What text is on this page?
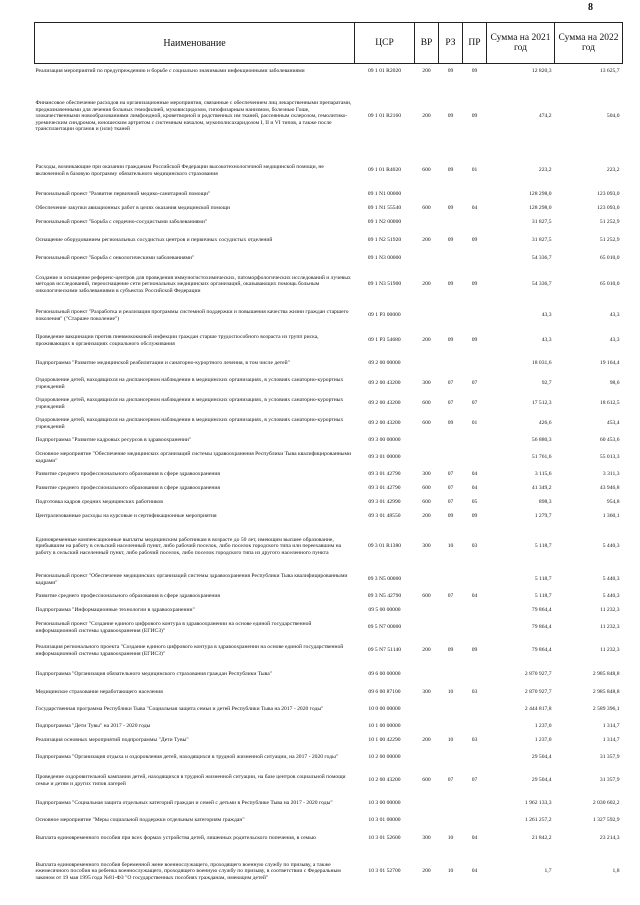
8
Наименование	ЦСР	ВР	РЗ	ПР	Сумма на 2021 год	Сумма на 2022 год
Реализация мероприятий по предупреждению и борьбе с социально значимыми инфекционными заболеваниями	09 1 01 R2020	200	09	09	12 820,3	13 625,7
Финансовое обеспечение расходов на организационные мероприятия, связанные с обеспечением лиц лекарственными препаратами, предназначенными для лечения больных гемофилией, муковисцидозом, гипофизарным нанизмом, болезнью Гоше, злокачественными новообразованиями лимфоидной, кроветворной и родственных им тканей, рассеянным склерозом, гемолитико-уремическим синдромом, юношеским артритом с системным началом, мукополисахаридозом I, II и VI типов, а также после трансплантации органов и (или) тканей	09 1 01 R2160	200	09	09	474,2	504,0
Расходы, возникающие при оказании гражданам Российской Федерации высокотехнологичной медицинской помощи, не включенной в базовую программу обязательного медицинского страхования	09 1 01 R4020	600	09	01	223,2	223,2
Региональный проект "Развитие первичной медико-санитарной помощи"	09 1 N1 00000				128 298,0	123 093,0
Обеспечение закупки авиационных работ в целях оказания медицинской помощи	09 1 N1 55540	600	09	04	128 298,0	123 093,0
Региональный проект "Борьба с сердечно-сосудистыми заболеваниями"	09 1 N2 00000				31 827,5	51 252,9
Оснащение оборудованием региональных сосудистых центров и первичных сосудистых отделений	09 1 N2 51920	200	09	09	31 827,5	51 252,9
Региональный проект "Борьба с онкологическими заболеваниями"	09 1 N3 00000				54 336,7	65 010,0
Создание и оснащение референс-центров для проведения иммуногистохимических, патоморфологических исследований и лучевых методов исследований, переоснащение сети региональных медицинских организаций, оказывающих помощь больным онкологическими заболеваниями в субъектах Российской Федерации	09 1 N3 51900	200	09	09	54 336,7	65 010,0
Региональный проект "Разработка и реализация программы системной поддержки и повышения качества жизни граждан старшего поколения" ("Старшее поколение")	09 1 P3 00000				43,3	43,3
Проведение вакцинации против пневмококковой инфекции граждан старше трудоспособного возраста из групп риска, проживающих в организациях социального обслуживания	09 1 P3 54680	200	09	09	43,3	43,3
Подпрограмма "Развитие медицинской реабилитации и санаторно-курортного лечения, в том числе детей"	09 2 00 00000				18 031,6	19 164,4
Оздоровление детей, находящихся на диспансерном наблюдении в медицинских организациях, в условиях санаторно-курортных учреждений	09 2 00 43200	300	07	07	92,7	98,6
Оздоровление детей, находящихся на диспансерном наблюдении в медицинских организациях, в условиях санаторно-курортных учреждений	09 2 00 43200	600	07	07	17 512,3	18 612,5
Оздоровление детей, находящихся на диспансерном наблюдении в медицинских организациях, в условиях санаторно-курортных учреждений	09 2 00 43200	600	09	01	426,6	453,4
Подпрограмма "Развитие кадровых ресурсов в здравоохранении"	09 3 00 00000				56 880,3	60 453,6
Основное мероприятие "Обеспечение медицинских организаций системы здравоохранения Республики Тыва квалифицированными кадрами"	09 3 01 00000				51 761,6	55 013,3
Развитие среднего профессионального образования в сфере здравоохранения	09 3 01 42790	300	07	04	3 115,6	3 311,3
Развитие среднего профессионального образования в сфере здравоохранения	09 3 01 42790	600	07	04	41 349,2	43 946,8
Подготовка кадров средних медицинских работников	09 3 01 42990	600	07	05	898,3	954,8
Централизованные расходы на курсовые и сертификационные мероприятия	09 3 01 48550	200	09	09	1 279,7	1 360,1
Единовременные компенсационные выплаты медицинским работникам в возрасте до 50 лет, имеющим высшее образование, прибывшим на работу в сельский населенный пункт, либо рабочий поселок, либо поселок городского типа или переехавшим на работу в сельский населенный пункт, либо рабочий поселок, либо поселок городского типа из другого населенного пункта	09 3 01 R1380	300	10	03	5 118,7	5 440,3
Региональный проект "Обеспечение медицинских организаций системы здравоохранения Республики Тыва квалифицированными кадрами"	09 3 N5 00000				5 118,7	5 440,3
Развитие среднего профессионального образования в сфере здравоохранения	09 3 N5 42790	600	07	04	5 118,7	5 440,3
Подпрограмма "Информационные технологии в здравоохранении"	09 5 00 00000				79 864,4	11 232,3
Региональный проект "Создание единого цифрового контура в здравоохранении на основе единой государственной информационной системы здравоохранения (ЕГИСЗ)"	09 5 N7 00000				79 864,4	11 232,3
Реализация регионального проекта "Создание единого цифрового контура в здравоохранении на основе единой государственной информационной системы здравоохранения (ЕГИСЗ)"	09 5 N7 51140	200	09	09	79 864,4	11 232,3
Подпрограмма "Организация обязательного медицинского страхования граждан Республики Тыва"	09 6 00 00000				2 870 927,7	2 985 848,8
Медицинское страхование неработающего населения	09 6 00 87100	300	10	03	2 870 927,7	2 985 848,8
Государственная программа Республики Тыва "Социальная защита семьи и детей Республики Тыва на 2017 - 2020 годы"	10 0 00 00000				2 444 817,8	2 589 396,1
Подпрограмма "Дети Тувы" на 2017 - 2020 годы	10 1 00 00000				1 237,0	1 314,7
Реализация основных мероприятий подпрограммы "Дети Тувы"	10 1 00 42290	200	10	03	1 237,0	1 314,7
Подпрограмма "Организация отдыха и оздоровления детей, находящихся в трудной жизненной ситуации, на 2017 - 2020 годы"	10 2 00 00000				29 504,4	31 357,9
Проведение оздоровительной кампании детей, находящихся в трудной жизненной ситуации, на базе центров социальной помощи семье и детям и других типов лагерей	10 2 00 43200	600	07	07	29 504,4	31 357,9
Подпрограмма "Социальная защита отдельных категорий граждан и семей с детьми в Республике Тыва на 2017 - 2020 годы"	10 3 00 00000				1 962 133,3	2 030 602,2
Основное мероприятие "Меры социальной поддержки отдельным категориям граждан"	10 3 01 00000				1 261 257,2	1 327 592,9
Выплата единовременного пособия при всех формах устройства детей, лишенных родительского попечения, в семью	10 3 01 52600	300	10	04	21 842,2	23 214,3
Выплата единовременного пособия беременной жене военнослужащего, проходящего военную службу по призыву, а также ежемесячного пособия на ребенка военнослужащего, проходящего военную службу по призыву, в соответствии с Федеральным законом от 19 мая 1995 года №81-ФЗ "О государственных пособиях гражданам, имеющим детей"	10 3 01 52700	200	10	04	1,7	1,8
